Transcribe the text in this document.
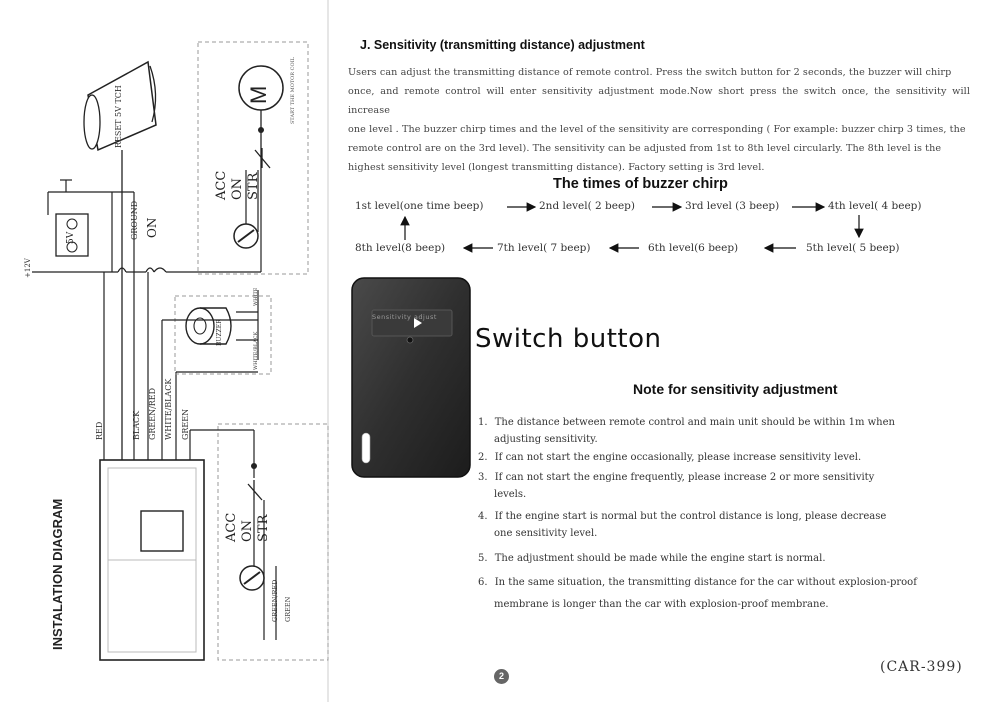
INSTALATION DIAGRAM
RESET 5V TCH	M	START THE MOTOR COIL
ACC ON STR
GROUND ON
5V
+12V
BUZZER
WHITE
WHITE/BLACK
RED	BLACK GREEN/RED WHITE/BLACK GREEN
ACC ON STR
GREEN/RED GREEN
J. Sensitivity (transmitting distance) adjustment
Users can adjust the transmitting distance of remote control. Press the switch button for 2 seconds, the buzzer will chirp
once, and remote control will enter sensitivity adjustment mode.Now short press the switch once, the sensitivity will increase
one level . The buzzer chirp times and the level of the sensitivity are corresponding ( For example: buzzer chirp 3 times, the
remote control are on the 3rd level). The sensitivity can be adjusted from 1st to 8th level circularly. The 8th level is the
highest sensitivity level (longest transmitting distance). Factory setting is 3rd level.
The times of buzzer chirp
1st level(one time beep)	2nd level( 2 beep)	3rd level (3 beep)	4th level( 4 beep)
8th level(8 beep)	7th level( 7 beep)	6th level(6 beep)	5th level( 5 beep)
Sensitivity adjust
Switch button
Note for sensitivity adjustment
1. The distance between remote control and main unit should be within 1m when
adjusting sensitivity.
2. If can not start the engine occasionally, please increase sensitivity level.
3. If can not start the engine frequently, please increase 2 or more sensitivity
levels.
4. If the engine start is normal but the control distance is long, please decrease
one sensitivity level.
5. The adjustment should be made while the engine start is normal.
6. In the same situation, the transmitting distance for the car without explosion-proof
membrane is longer than the car with explosion-proof membrane.
2
(CAR-399)
